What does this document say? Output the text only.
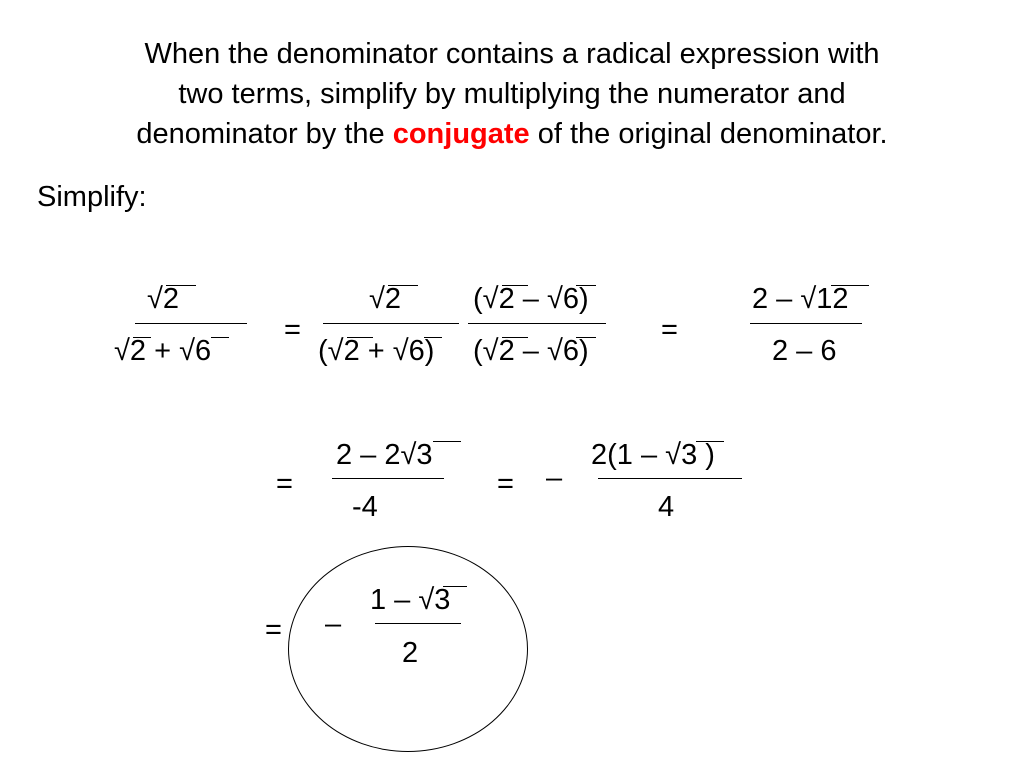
When the denominator contains a radical expression with
two terms, simplify by multiplying the numerator and
denominator by the conjugate of the original denominator.
Simplify:
√2
√2 + √6
=
√2
(√2 + √6)
(√2 – √6)
(√2 – √6)
=
2 – √12
2 – 6
=
2 – 2√3
-4
= –
2(1 – √3 )
4
= –
1 – √3
2
